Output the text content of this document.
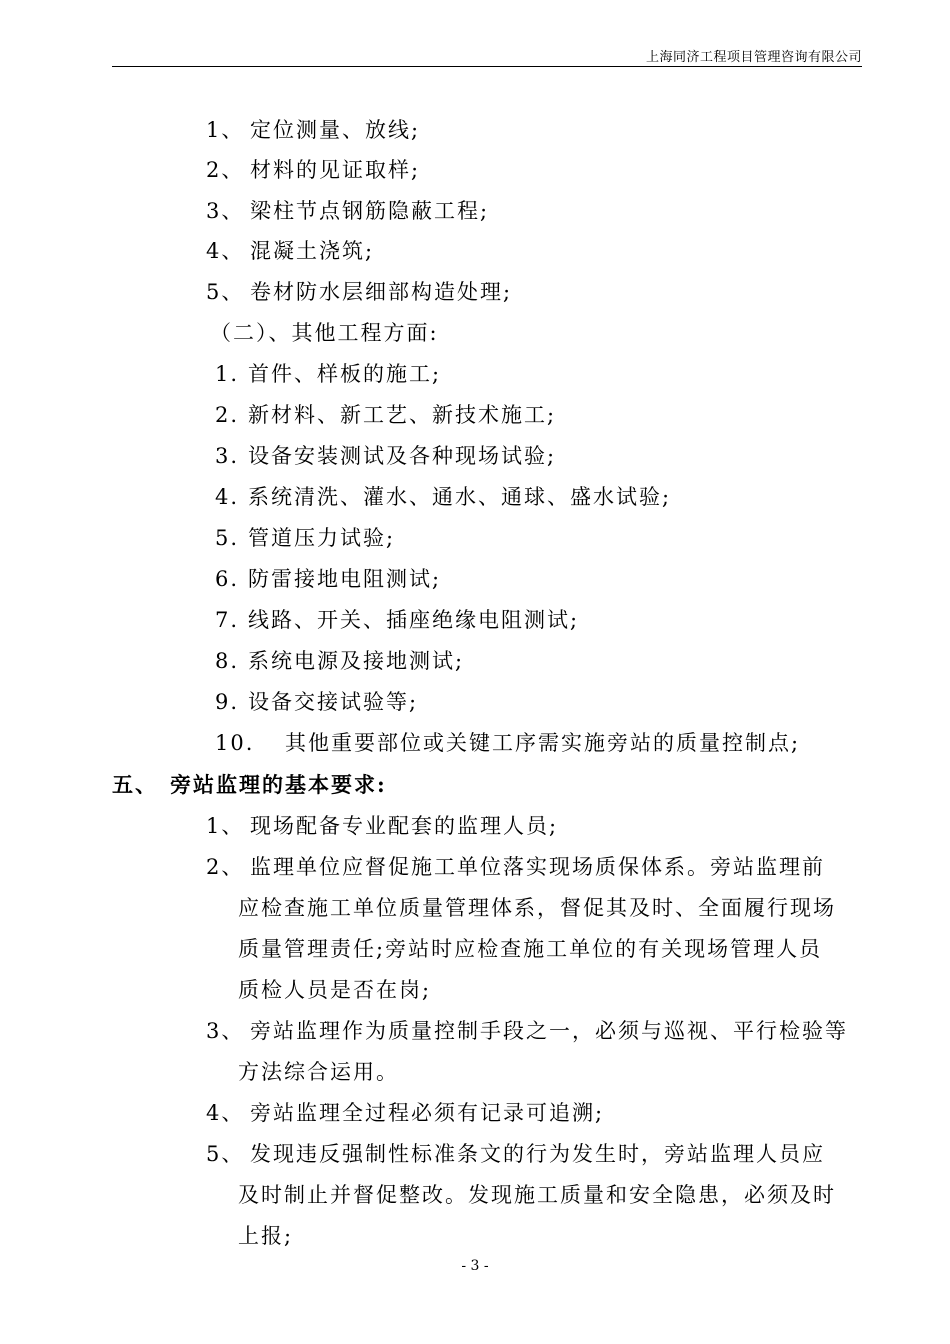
上海同济工程项目管理咨询有限公司
1、 定位测量、放线;
2、 材料的见证取样;
3、 梁柱节点钢筋隐蔽工程;
4、 混凝土浇筑;
5、 卷材防水层细部构造处理;
（二）、其他工程方面:
1. 首件、样板的施工;
2. 新材料、新工艺、新技术施工;
3. 设备安装测试及各种现场试验;
4. 系统清洗、灌水、通水、通球、盛水试验;
5. 管道压力试验;
6. 防雷接地电阻测试;
7. 线路、开关、插座绝缘电阻测试;
8. 系统电源及接地测试;
9. 设备交接试验等;
10. 其他重要部位或关键工序需实施旁站的质量控制点;
五、 旁站监理的基本要求:
1、 现场配备专业配套的监理人员;
2、 监理单位应督促施工单位落实现场质保体系。旁站监理前
应检查施工单位质量管理体系，督促其及时、全面履行现场
质量管理责任;旁站时应检查施工单位的有关现场管理人员
质检人员是否在岗;
3、 旁站监理作为质量控制手段之一，必须与巡视、平行检验等
方法综合运用。
4、 旁站监理全过程必须有记录可追溯;
5、 发现违反强制性标准条文的行为发生时，旁站监理人员应
及时制止并督促整改。发现施工质量和安全隐患，必须及时
上报;
- 3 -
